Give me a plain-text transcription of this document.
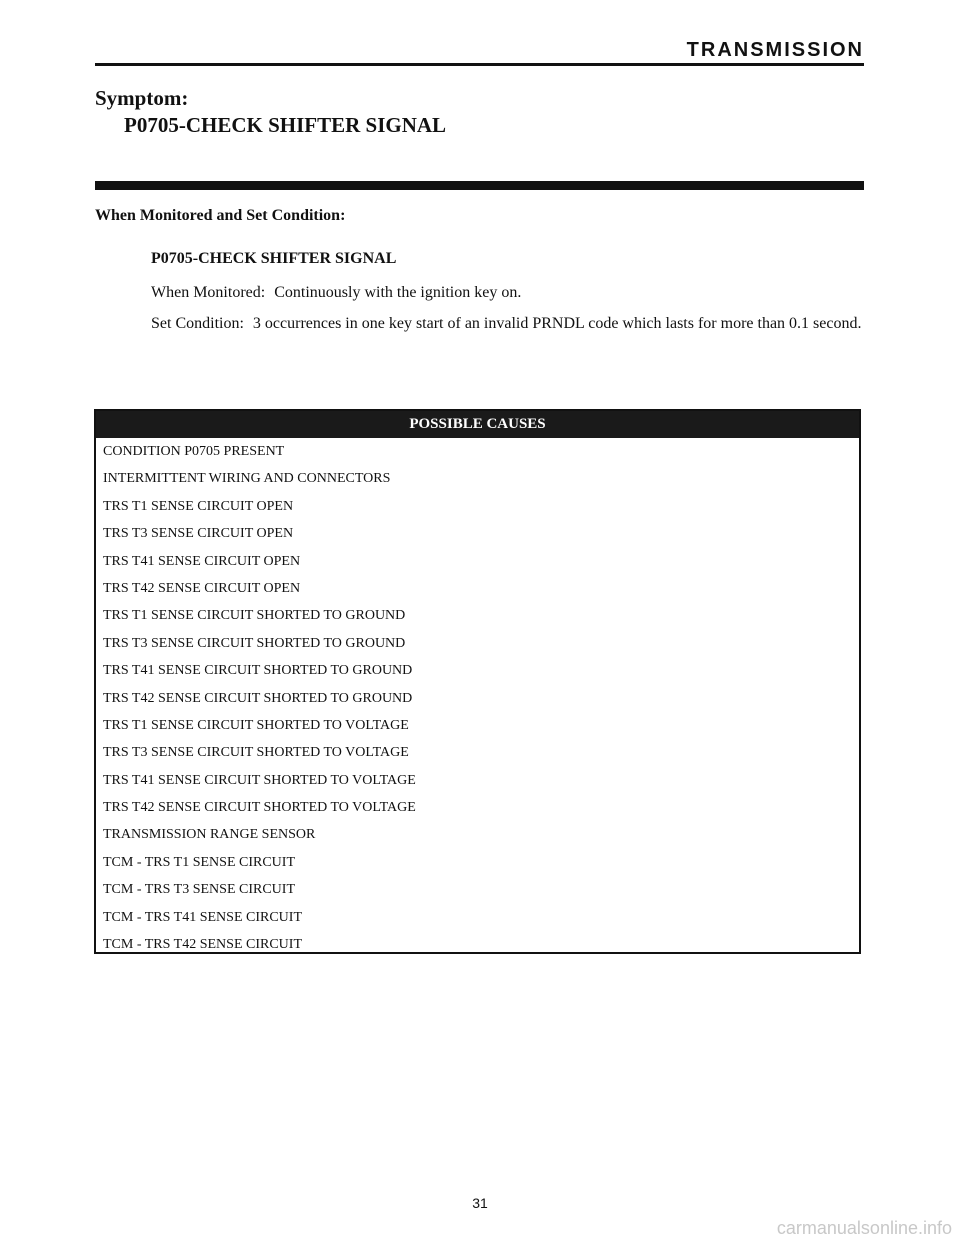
TRANSMISSION
Symptom:
P0705-CHECK SHIFTER SIGNAL
When Monitored and Set Condition:

P0705-CHECK SHIFTER SIGNAL

When Monitored: Continuously with the ignition key on.

Set Condition: 3 occurrences in one key start of an invalid PRNDL code which lasts for more than 0.1 second.

POSSIBLE CAUSES
CONDITION P0705 PRESENT
INTERMITTENT WIRING AND CONNECTORS
TRS T1 SENSE CIRCUIT OPEN
TRS T3 SENSE CIRCUIT OPEN
TRS T41 SENSE CIRCUIT OPEN
TRS T42 SENSE CIRCUIT OPEN
TRS T1 SENSE CIRCUIT SHORTED TO GROUND
TRS T3 SENSE CIRCUIT SHORTED TO GROUND
TRS T41 SENSE CIRCUIT SHORTED TO GROUND
TRS T42 SENSE CIRCUIT SHORTED TO GROUND
TRS T1 SENSE CIRCUIT SHORTED TO VOLTAGE
TRS T3 SENSE CIRCUIT SHORTED TO VOLTAGE
TRS T41 SENSE CIRCUIT SHORTED TO VOLTAGE
TRS T42 SENSE CIRCUIT SHORTED TO VOLTAGE
TRANSMISSION RANGE SENSOR
TCM - TRS T1 SENSE CIRCUIT
TCM - TRS T3 SENSE CIRCUIT
TCM - TRS T41 SENSE CIRCUIT
TCM - TRS T42 SENSE CIRCUIT

31

carmanualsonline.info
